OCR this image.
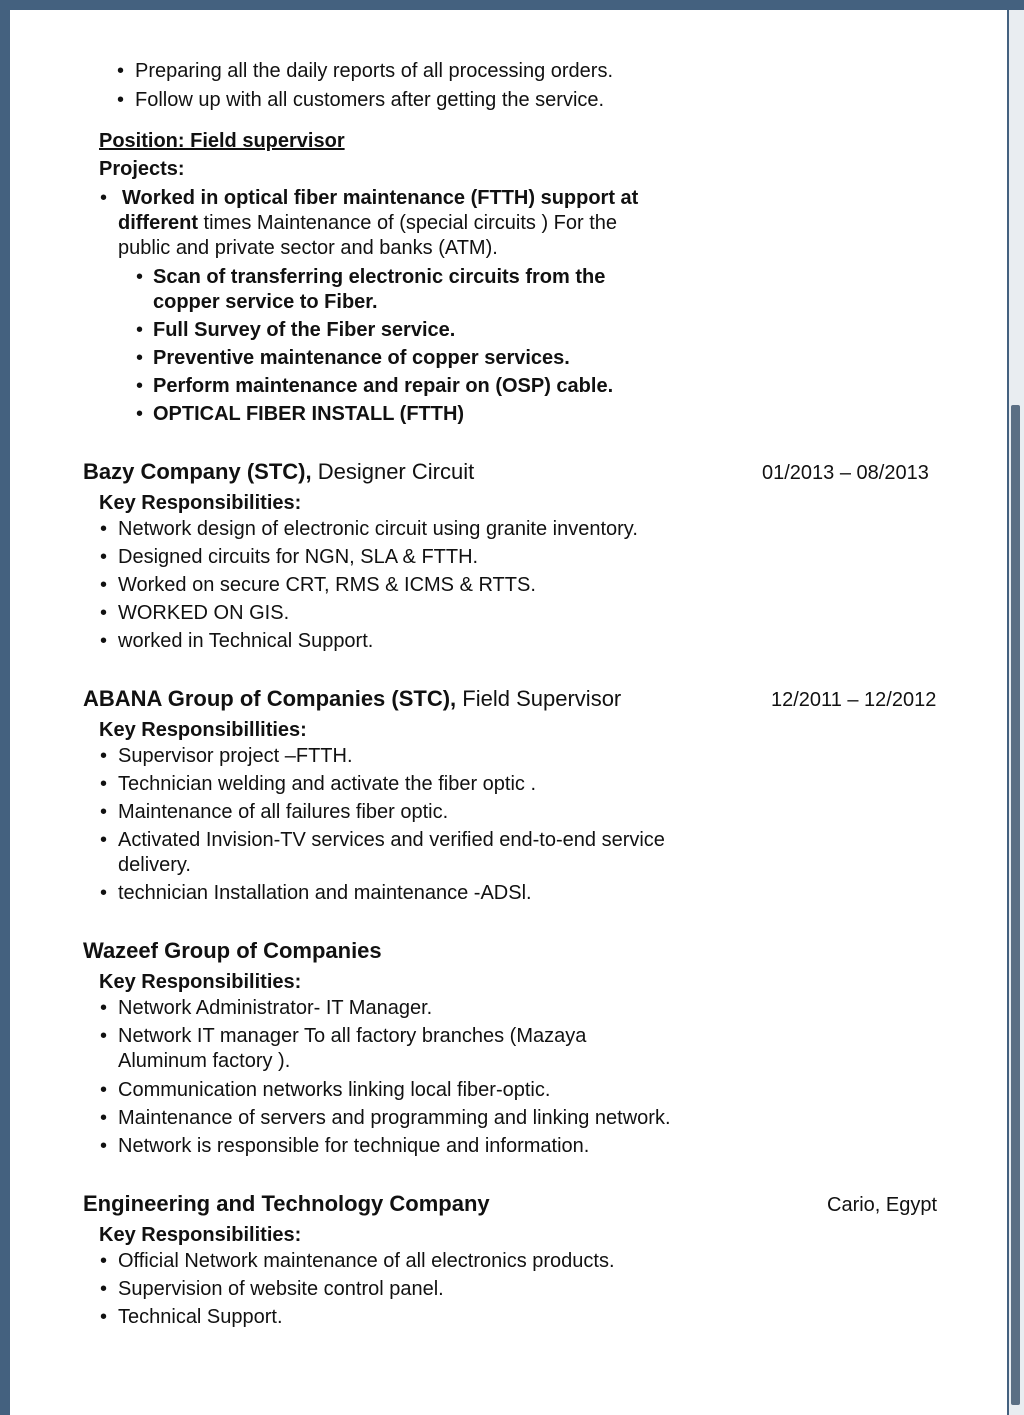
• Preparing all the daily reports of all processing orders.
• Follow up with all customers after getting the service.
Position: Field supervisor
Projects:
• Worked in optical fiber maintenance (FTTH) support at
different times Maintenance of (special circuits ) For the
public and private sector and banks (ATM).
• Scan of transferring electronic circuits from the
copper service to Fiber.
• Full Survey of the Fiber service.
• Preventive maintenance of copper services.
• Perform maintenance and repair on (OSP) cable.
• OPTICAL FIBER INSTALL (FTTH)
Bazy Company (STC), Designer Circuit	01/2013 – 08/2013
Key Responsibilities:
• Network design of electronic circuit using granite inventory.
• Designed circuits for NGN, SLA & FTTH.
• Worked on secure CRT, RMS & ICMS & RTTS.
• WORKED ON GIS.
• worked in Technical Support.
ABANA Group of Companies (STC), Field Supervisor	12/2011 – 12/2012
Key Responsibillities:
• Supervisor project –FTTH.
• Technician welding and activate the fiber optic .
• Maintenance of all failures fiber optic.
• Activated Invision-TV services and verified end-to-end service
delivery.
• technician Installation and maintenance -ADSl.
Wazeef Group of Companies
Key Responsibilities:
• Network Administrator- IT Manager.
• Network IT manager To all factory branches (Mazaya
Aluminum factory ).
• Communication networks linking local fiber-optic.
• Maintenance of servers and programming and linking network.
• Network is responsible for technique and information.
Engineering and Technology Company	Cario, Egypt
Key Responsibilities:
• Official Network maintenance of all electronics products.
• Supervision of website control panel.
• Technical Support.
